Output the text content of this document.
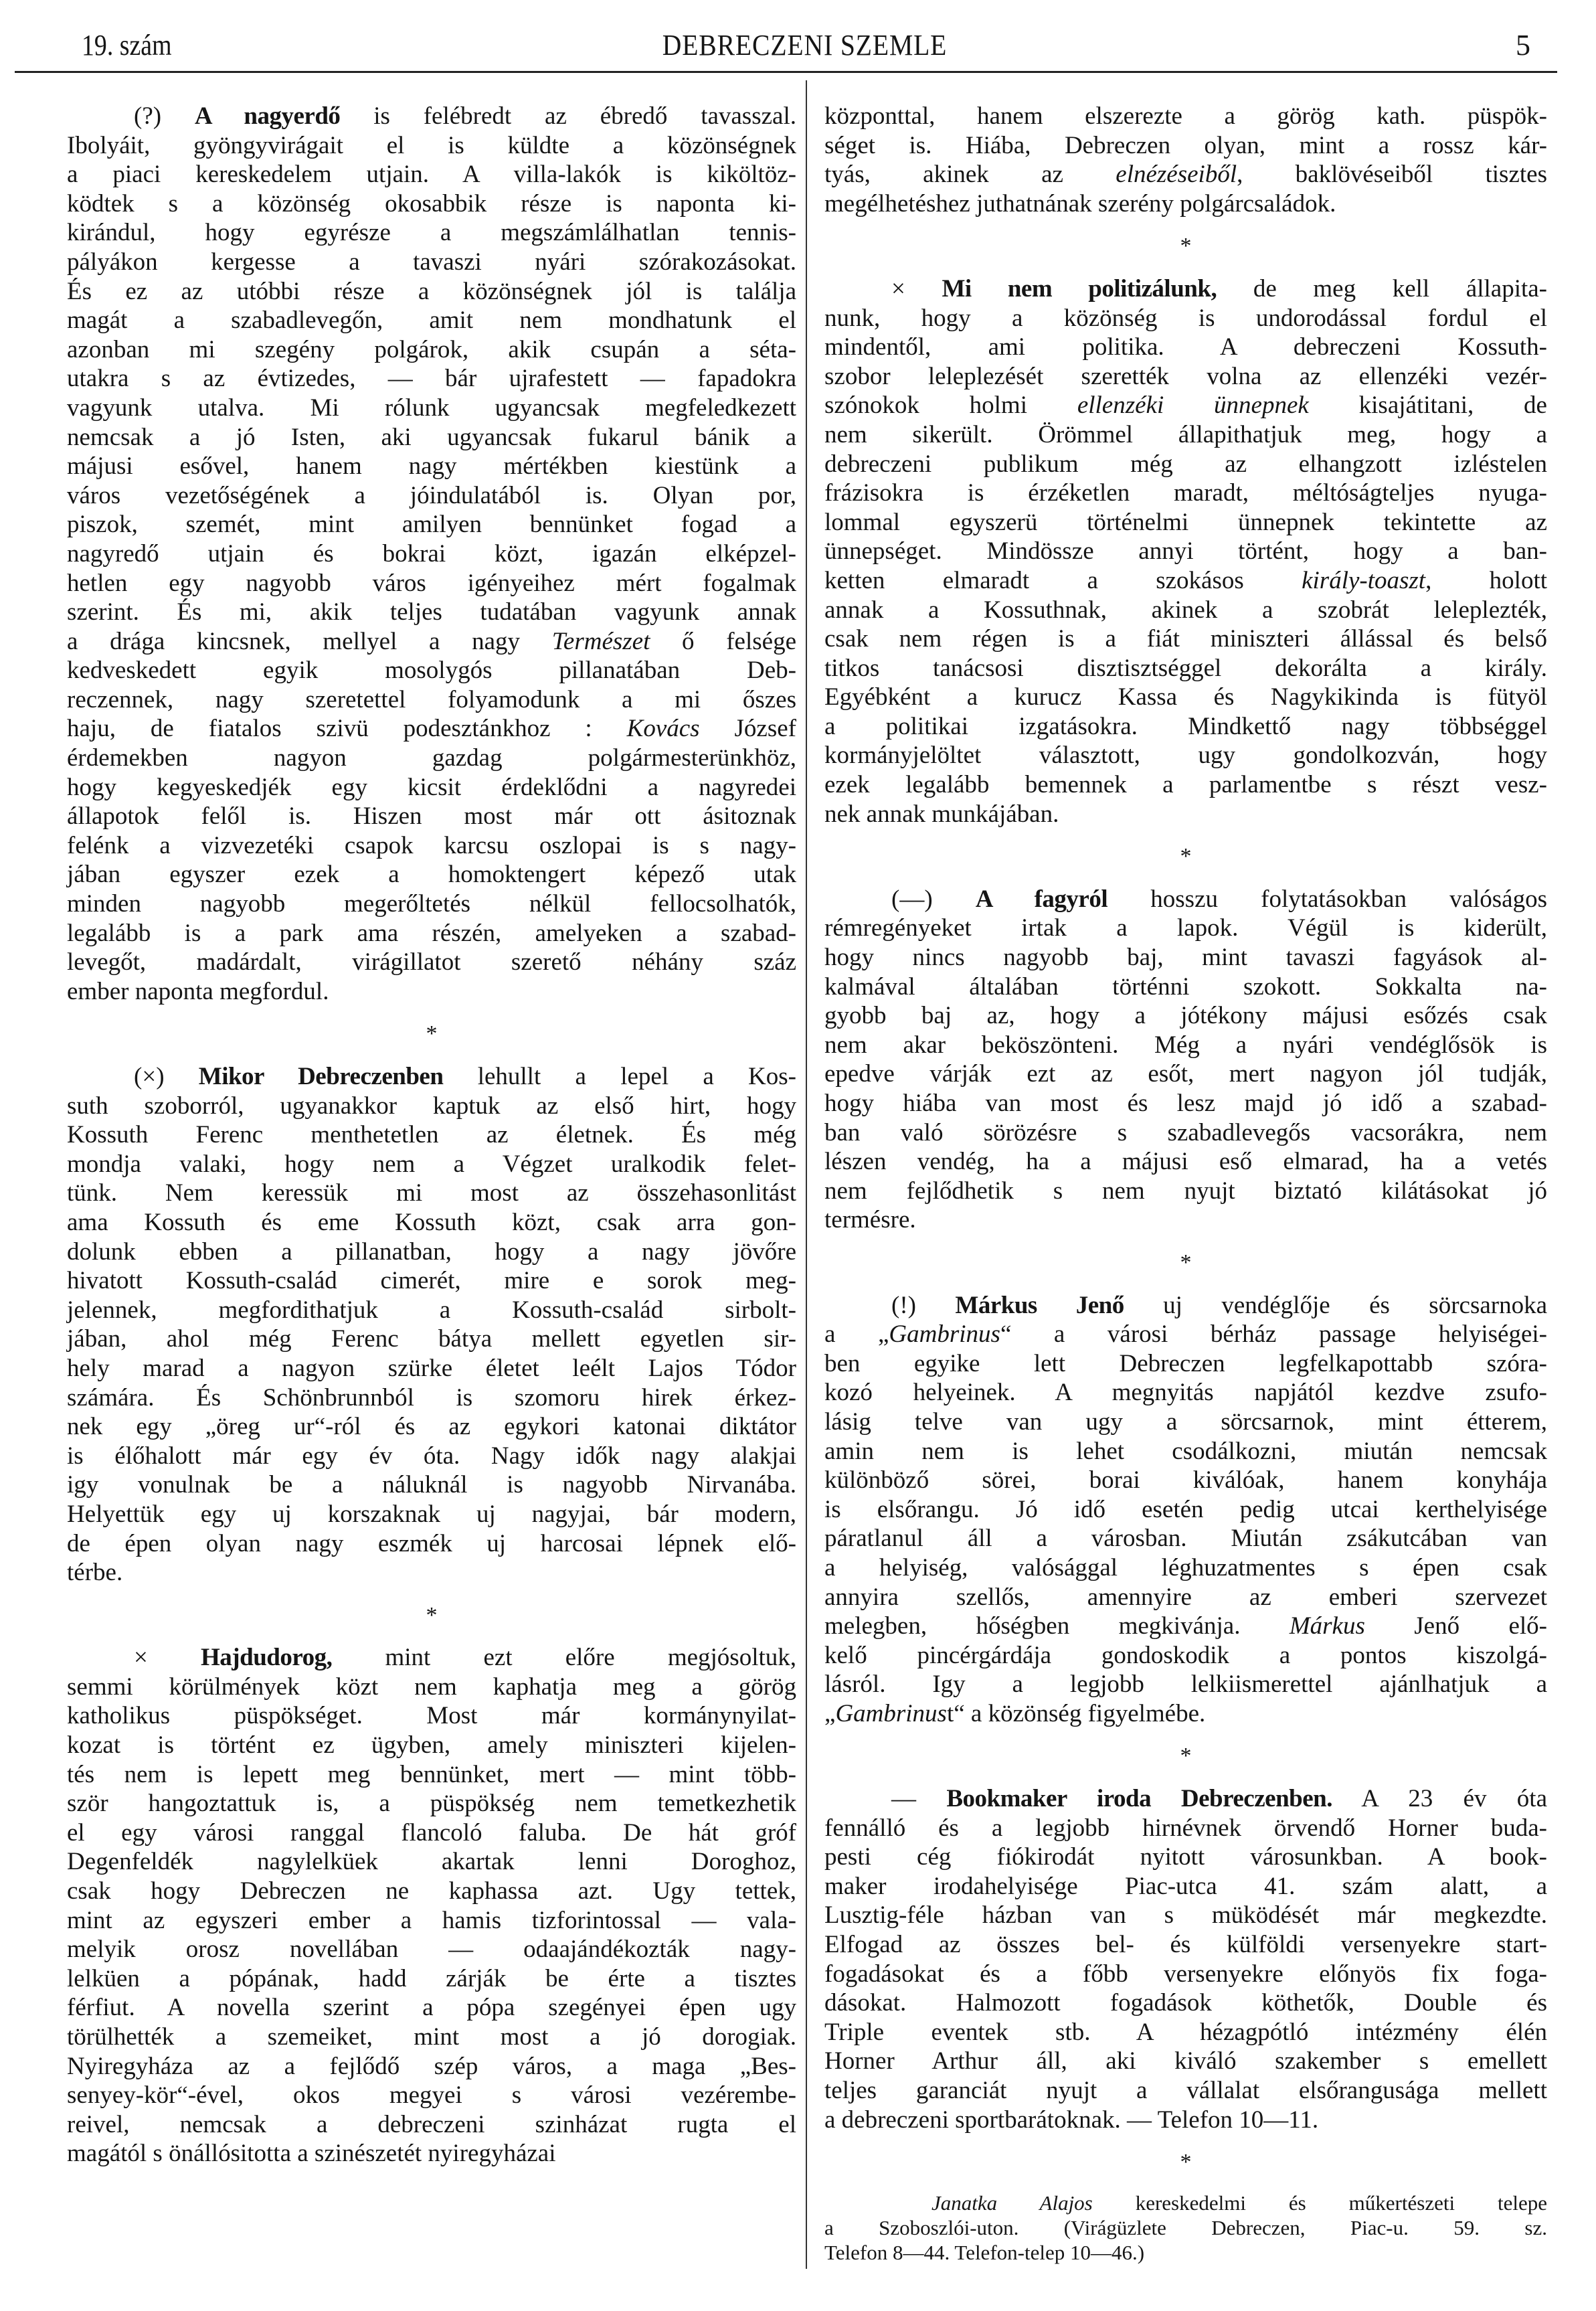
19. szám	DEBRECZENI SZEMLE	5
(?) A nagyerdő is felébredt az ébredő tavasszal.
Ibolyáit, gyöngyvirágait el is küldte a közönségnek
a piaci kereskedelem utjain. A villa-lakók is kiköltöz-
ködtek s a közönség okosabbik része is naponta ki-
kirándul, hogy egyrésze a megszámlálhatlan tennis-
pályákon kergesse a tavaszi nyári szórakozásokat.
És ez az utóbbi része a közönségnek jól is találja
magát a szabadlevegőn, amit nem mondhatunk el
azonban mi szegény polgárok, akik csupán a séta-
utakra s az évtizedes, — bár ujrafestett — fapadokra
vagyunk utalva. Mi rólunk ugyancsak megfeledkezett
nemcsak a jó Isten, aki ugyancsak fukarul bánik a
májusi esővel, hanem nagy mértékben kiestünk a
város vezetőségének a jóindulatából is. Olyan por,
piszok, szemét, mint amilyen bennünket fogad a
nagyredő utjain és bokrai közt, igazán elképzel-
hetlen egy nagyobb város igényeihez mért fogalmak
szerint. És mi, akik teljes tudatában vagyunk annak
a drága kincsnek, mellyel a nagy Természet ő felsége
kedveskedett egyik mosolygós pillanatában Deb-
reczennek, nagy szeretettel folyamodunk a mi őszes
haju, de fiatalos szivü podesztánkhoz : Kovács József
érdemekben nagyon gazdag polgármesterünkhöz,
hogy kegyeskedjék egy kicsit érdeklődni a nagyredei
állapotok felől is. Hiszen most már ott ásitoznak
felénk a vizvezetéki csapok karcsu oszlopai is s nagy-
jában egyszer ezek a homoktengert képező utak
minden nagyobb megerőltetés nélkül fellocsolhatók,
legalább is a park ama részén, amelyeken a szabad-
levegőt, madárdalt, virágillatot szerető néhány száz
ember naponta megfordul.
*
(×) Mikor Debreczenben lehullt a lepel a Kos-
suth szoborról, ugyanakkor kaptuk az első hirt, hogy
Kossuth Ferenc menthetetlen az életnek. És még
mondja valaki, hogy nem a Végzet uralkodik felet-
tünk. Nem keressük mi most az összehasonlitást
ama Kossuth és eme Kossuth közt, csak arra gon-
dolunk ebben a pillanatban, hogy a nagy jövőre
hivatott Kossuth-család cimerét, mire e sorok meg-
jelennek, megfordithatjuk a Kossuth-család sirbolt-
jában, ahol még Ferenc bátya mellett egyetlen sir-
hely marad a nagyon szürke életet leélt Lajos Tódor
számára. És Schönbrunnból is szomoru hirek érkez-
nek egy „öreg ur“-ról és az egykori katonai diktátor
is élőhalott már egy év óta. Nagy idők nagy alakjai
igy vonulnak be a náluknál is nagyobb Nirvanába.
Helyettük egy uj korszaknak uj nagyjai, bár modern,
de épen olyan nagy eszmék uj harcosai lépnek elő-
térbe.
*
× Hajdudorog, mint ezt előre megjósoltuk,
semmi körülmények közt nem kaphatja meg a görög
katholikus püspökséget. Most már kormánynyilat-
kozat is történt ez ügyben, amely miniszteri kijelen-
tés nem is lepett meg bennünket, mert — mint több-
ször hangoztattuk is, a püspökség nem temetkezhetik
el egy városi ranggal flancoló faluba. De hát gróf
Degenfeldék nagylelküek akartak lenni Doroghoz,
csak hogy Debreczen ne kaphassa azt. Ugy tettek,
mint az egyszeri ember a hamis tizforintossal — vala-
melyik orosz novellában — odaajándékozták nagy-
lelküen a pópának, hadd zárják be érte a tisztes
férfiut. A novella szerint a pópa szegényei épen ugy
törülhették a szemeiket, mint most a jó dorogiak.
Nyiregyháza az a fejlődő szép város, a maga „Bes-
senyey-kör“-ével, okos megyei s városi vezérembe-
reivel, nemcsak a debreczeni szinházat rugta el
magától s önállósitotta a szinészetét nyiregyházai
központtal, hanem elszerezte a görög kath. püspök-
séget is. Hiába, Debreczen olyan, mint a rossz kár-
tyás, akinek az elnézéseiből, baklövéseiből tisztes
megélhetéshez juthatnának szerény polgárcsaládok.
*
× Mi nem politizálunk, de meg kell állapita-
nunk, hogy a közönség is undorodással fordul el
mindentől, ami politika. A debreczeni Kossuth-
szobor leleplezését szerették volna az ellenzéki vezér-
szónokok holmi ellenzéki ünnepnek kisajátitani, de
nem sikerült. Örömmel állapithatjuk meg, hogy a
debreczeni publikum még az elhangzott izléstelen
frázisokra is érzéketlen maradt, méltóságteljes nyuga-
lommal egyszerü történelmi ünnepnek tekintette az
ünnepséget. Mindössze annyi történt, hogy a ban-
ketten elmaradt a szokásos király-toaszt, holott
annak a Kossuthnak, akinek a szobrát leleplezték,
csak nem régen is a fiát miniszteri állással és belső
titkos tanácsosi disztisztséggel dekorálta a király.
Egyébként a kurucz Kassa és Nagykikinda is fütyöl
a politikai izgatásokra. Mindkettő nagy többséggel
kormányjelöltet választott, ugy gondolkozván, hogy
ezek legalább bemennek a parlamentbe s részt vesz-
nek annak munkájában.
*
(—) A fagyról hosszu folytatásokban valóságos
rémregényeket irtak a lapok. Végül is kiderült,
hogy nincs nagyobb baj, mint tavaszi fagyások al-
kalmával általában történni szokott. Sokkalta na-
gyobb baj az, hogy a jótékony májusi esőzés csak
nem akar beköszönteni. Még a nyári vendéglősök is
epedve várják ezt az esőt, mert nagyon jól tudják,
hogy hiába van most és lesz majd jó idő a szabad-
ban való sörözésre s szabadlevegős vacsorákra, nem
lészen vendég, ha a májusi eső elmarad, ha a vetés
nem fejlődhetik s nem nyujt biztató kilátásokat jó
termésre.
*
(!) Márkus Jenő uj vendéglője és sörcsarnoka
a „Gambrinus“ a városi bérház passage helyiségei-
ben egyike lett Debreczen legfelkapottabb szóra-
kozó helyeinek. A megnyitás napjától kezdve zsufo-
lásig telve van ugy a sörcsarnok, mint étterem,
amin nem is lehet csodálkozni, miután nemcsak
különböző sörei, borai kiválóak, hanem konyhája
is elsőrangu. Jó idő esetén pedig utcai kerthelyisége
páratlanul áll a városban. Miután zsákutcában van
a helyiség, valósággal léghuzatmentes s épen csak
annyira szellős, amennyire az emberi szervezet
melegben, hőségben megkivánja. Márkus Jenő elő-
kelő pincérgárdája gondoskodik a pontos kiszolgá-
lásról. Igy a legjobb lelkiismerettel ajánlhatjuk a
„Gambrinust“ a közönség figyelmébe.
*
— Bookmaker iroda Debreczenben. A 23 év óta
fennálló és a legjobb hirnévnek örvendő Horner buda-
pesti cég fiókirodát nyitott városunkban. A book-
maker irodahelyisége Piac-utca 41. szám alatt, a
Lusztig-féle házban van s müködését már megkezdte.
Elfogad az összes bel- és külföldi versenyekre start-
fogadásokat és a főbb versenyekre előnyös fix foga-
dásokat. Halmozott fogadások köthetők, Double és
Triple eventek stb. A hézagpótló intézmény élén
Horner Arthur áll, aki kiváló szakember s emellett
teljes garanciát nyujt a vállalat elsőrangusága mellett
a debreczeni sportbarátoknak. — Telefon 10—11.
*
Janatka Alajos kereskedelmi és műkertészeti telepe
a Szoboszlói-uton. (Virágüzlete Debreczen, Piac-u. 59. sz.
Telefon 8—44. Telefon-telep 10—46.)
